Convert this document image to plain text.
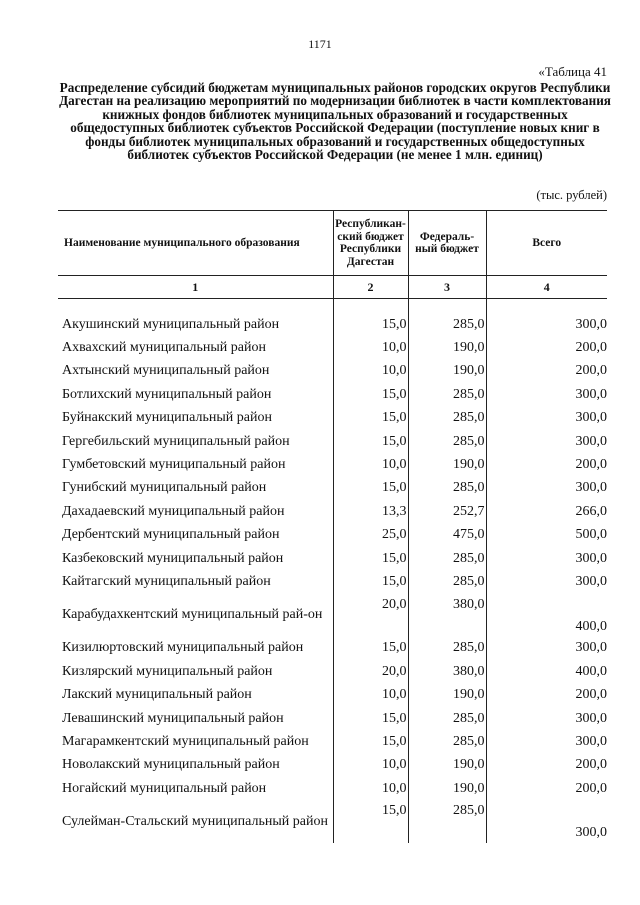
1171
«Таблица 41
Распределение субсидий бюджетам муниципальных районов городских округов Республики Дагестан на реализацию мероприятий по модернизации библиотек в части комплектования книжных фондов библиотек муниципальных образований и государственных общедоступных библиотек субъектов Российской Федерации (поступление новых книг в фонды библиотек муниципальных образований и государственных общедоступных библиотек субъектов Российской Федерации (не менее 1 млн. единиц)
(тыс. рублей)
Наименование муниципального образования	Республикан-ский бюджет Республики Дагестан	Федераль-ный бюджет	Всего
1	2	3	4

Акушинский муниципальный район	15,0	285,0	300,0
Ахвахский муниципальный район	10,0	190,0	200,0
Ахтынский муниципальный район	10,0	190,0	200,0
Ботлихский муниципальный район	15,0	285,0	300,0
Буйнакский муниципальный район	15,0	285,0	300,0
Гергебильский муниципальный район	15,0	285,0	300,0
Гумбетовский муниципальный район	10,0	190,0	200,0
Гунибский муниципальный район	15,0	285,0	300,0
Дахадаевский муниципальный район	13,3	252,7	266,0
Дербентский муниципальный район	25,0	475,0	500,0
Казбековский муниципальный район	15,0	285,0	300,0
Кайтагский муниципальный район	15,0	285,0	300,0
Карабудахкентский муниципальный рай-он	20,0	380,0	400,0
Кизилюртовский муниципальный район	15,0	285,0	300,0
Кизлярский муниципальный район	20,0	380,0	400,0
Лакский муниципальный район	10,0	190,0	200,0
Левашинский муниципальный район	15,0	285,0	300,0
Магарамкентский муниципальный район	15,0	285,0	300,0
Новолакский муниципальный район	10,0	190,0	200,0
Ногайский муниципальный район	10,0	190,0	200,0
Сулейман-Стальский муниципальный район	15,0	285,0	300,0
